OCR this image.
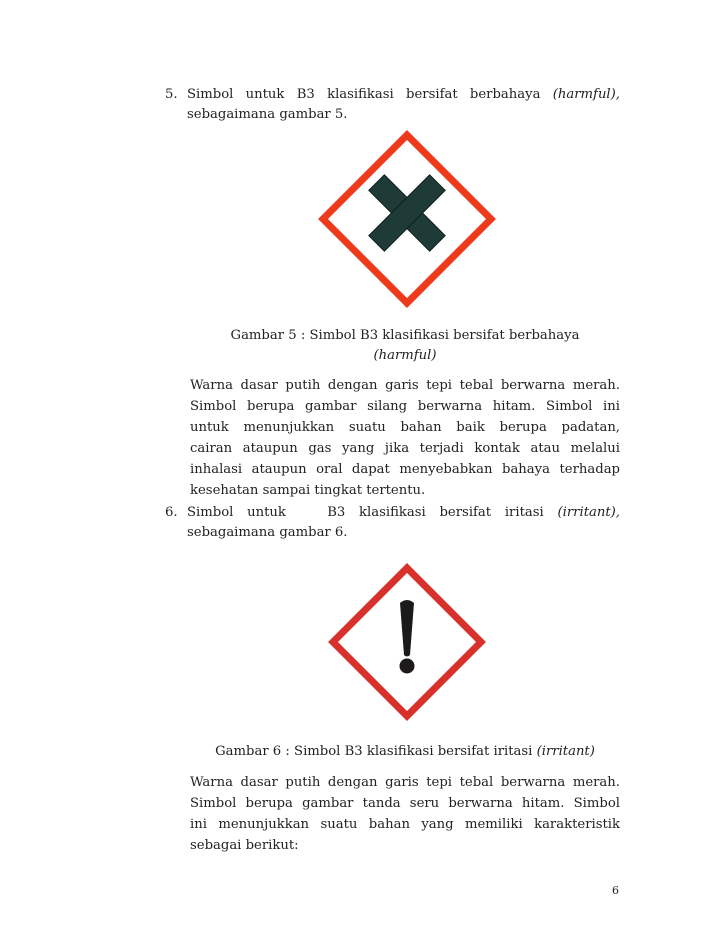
5. Simbol untuk B3 klasifikasi bersifat berbahaya (harmful),
sebagaimana gambar 5.
Gambar 5 : Simbol B3 klasifikasi bersifat berbahaya
(harmful)
Warna dasar putih dengan garis tepi tebal berwarna merah.
Simbol berupa gambar silang berwarna hitam. Simbol ini
untuk menunjukkan suatu bahan baik berupa padatan,
cairan ataupun gas yang jika terjadi kontak atau melalui
inhalasi ataupun oral dapat menyebabkan bahaya terhadap
kesehatan sampai tingkat tertentu.
6. Simbol untuk   B3 klasifikasi bersifat iritasi (irritant),
sebagaimana gambar 6.
Gambar 6 : Simbol B3 klasifikasi bersifat iritasi (irritant)
Warna dasar putih dengan garis tepi tebal berwarna merah.
Simbol berupa gambar tanda seru berwarna hitam. Simbol
ini menunjukkan suatu bahan yang memiliki karakteristik
sebagai berikut:
6
